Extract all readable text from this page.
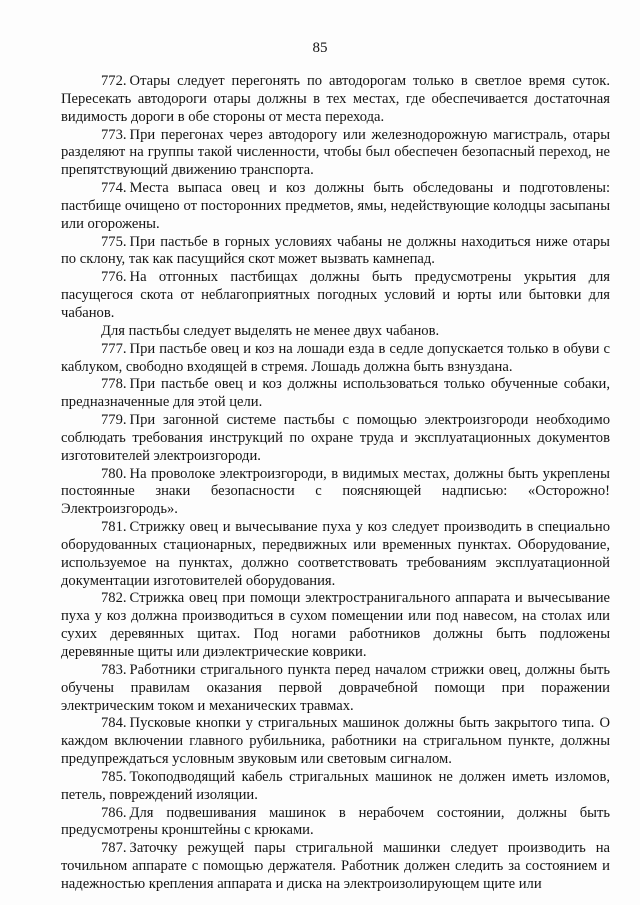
85

772. Отары следует перегонять по автодорогам только в светлое время суток. Пересекать автодороги отары должны в тех местах, где обеспечивается достаточная видимость дороги в обе стороны от места перехода.

773. При перегонах через автодорогу или железнодорожную магистраль, отары разделяют на группы такой численности, чтобы был обеспечен безопасный переход, не препятствующий движению транспорта.

774. Места выпаса овец и коз должны быть обследованы и подготовлены: пастбище очищено от посторонних предметов, ямы, недействующие колодцы засыпаны или огорожены.

775. При пастьбе в горных условиях чабаны не должны находиться ниже отары по склону, так как пасущийся скот может вызвать камнепад.

776. На отгонных пастбищах должны быть предусмотрены укрытия для пасущегося скота от неблагоприятных погодных условий и юрты или бытовки для чабанов.

Для пастьбы следует выделять не менее двух чабанов.

777. При пастьбе овец и коз на лошади езда в седле допускается только в обуви с каблуком, свободно входящей в стремя. Лошадь должна быть взнуздана.

778. При пастьбе овец и коз должны использоваться только обученные собаки, предназначенные для этой цели.

779. При загонной системе пастьбы с помощью электроизгороди необходимо соблюдать требования инструкций по охране труда и эксплуатационных документов изготовителей электроизгороди.

780. На проволоке электроизгороди, в видимых местах, должны быть укреплены постоянные знаки безопасности с поясняющей надписью: «Осторожно! Электроизгородь».

781. Стрижку овец и вычесывание пуха у коз следует производить в специально оборудованных стационарных, передвижных или временных пунктах. Оборудование, используемое на пунктах, должно соответствовать требованиям эксплуатационной документации изготовителей оборудования.

782. Стрижка овец при помощи электространигального аппарата и вычесывание пуха у коз должна производиться в сухом помещении или под навесом, на столах или сухих деревянных щитах. Под ногами работников должны быть подложены деревянные щиты или диэлектрические коврики.

783. Работники стригального пункта перед началом стрижки овец, должны быть обучены правилам оказания первой доврачебной помощи при поражении электрическим током и механических травмах.

784. Пусковые кнопки у стригальных машинок должны быть закрытого типа. О каждом включении главного рубильника, работники на стригальном пункте, должны предупреждаться условным звуковым или световым сигналом.

785. Токоподводящий кабель стригальных машинок не должен иметь изломов, петель, повреждений изоляции.

786. Для подвешивания машинок в нерабочем состоянии, должны быть предусмотрены кронштейны с крюками.

787. Заточку режущей пары стригальной машинки следует производить на точильном аппарате с помощью держателя. Работник должен следить за состоянием и надежностью крепления аппарата и диска на электроизолирующем щите или
